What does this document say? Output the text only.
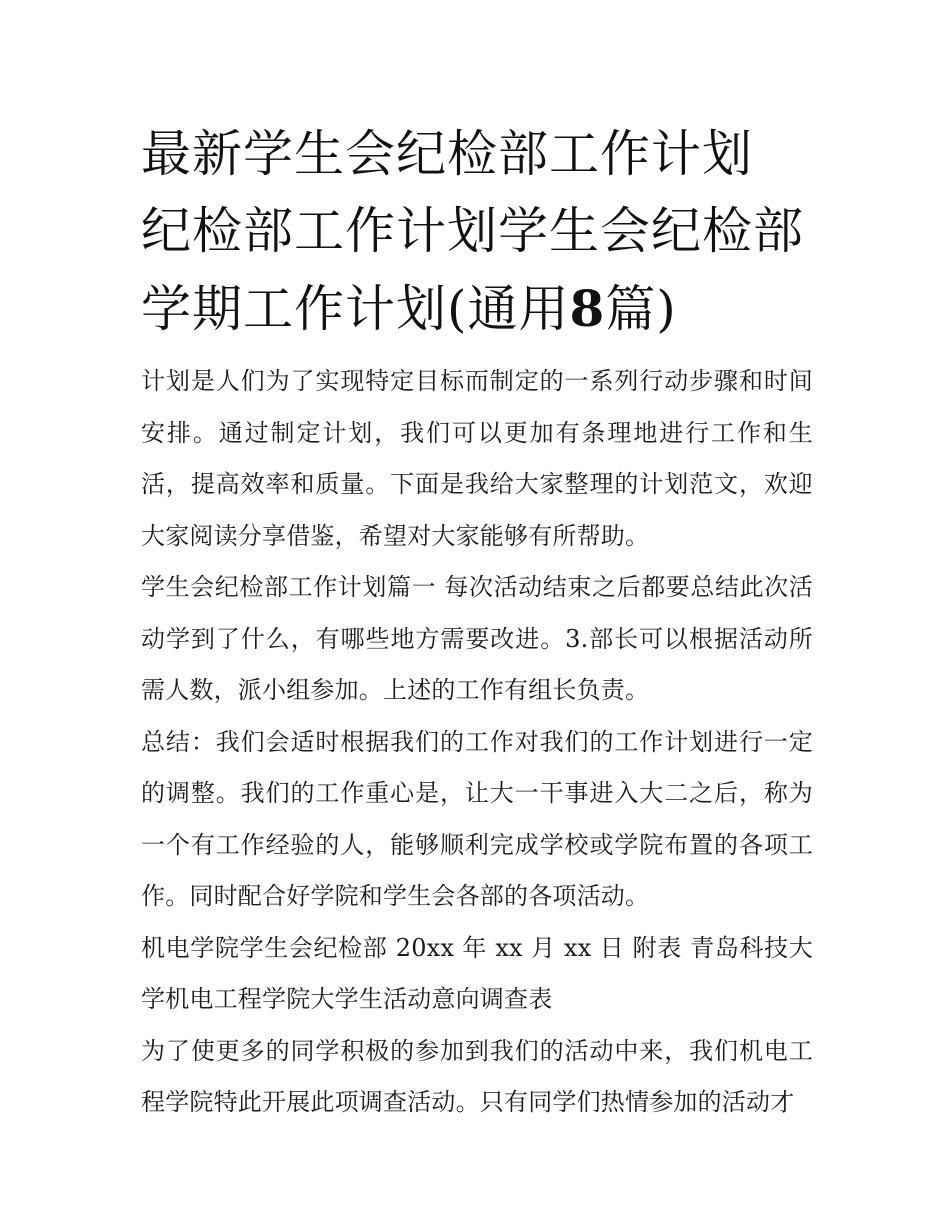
最新学生会纪检部工作计划 纪检部工作计划学生会纪检部学期工作计划(通用8篇)

计划是人们为了实现特定目标而制定的一系列行动步骤和时间安排。通过制定计划，我们可以更加有条理地进行工作和生活，提高效率和质量。下面是我给大家整理的计划范文，欢迎大家阅读分享借鉴，希望对大家能够有所帮助。

学生会纪检部工作计划篇一 每次活动结束之后都要总结此次活动学到了什么，有哪些地方需要改进。3.部长可以根据活动所需人数，派小组参加。上述的工作有组长负责。

总结：我们会适时根据我们的工作对我们的工作计划进行一定的调整。我们的工作重心是，让大一干事进入大二之后，称为一个有工作经验的人，能够顺利完成学校或学院布置的各项工作。同时配合好学院和学生会各部的各项活动。

机电学院学生会纪检部 20xx 年 xx 月 xx 日 附表 青岛科技大学机电工程学院大学生活动意向调查表

为了使更多的同学积极的参加到我们的活动中来，我们机电工程学院特此开展此项调查活动。只有同学们热情参加的活动才
